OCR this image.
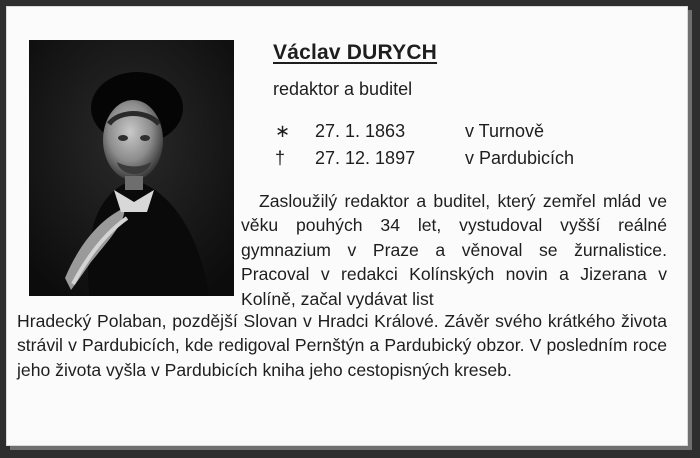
Václav DURYCH
redaktor a buditel
∗ 27. 1. 1863	v Turnově
† 27. 12. 1897	v Pardubicích

Zasloužilý redaktor a buditel, který zemřel mlád ve věku pouhých 34 let, vystudoval vyšší reálné gymnazium v Praze a věnoval se žurnalistice. Pracoval v redakci Kolínských novin a Jizerana v Kolíně, začal vydávat list

Hradecký Polaban, pozdější Slovan v Hradci Králové. Závěr svého krátkého života strávil v Pardubicích, kde redigoval Pernštýn a Pardubický obzor. V posledním roce jeho života vyšla v Pardubicích kniha jeho cestopisných kreseb.
